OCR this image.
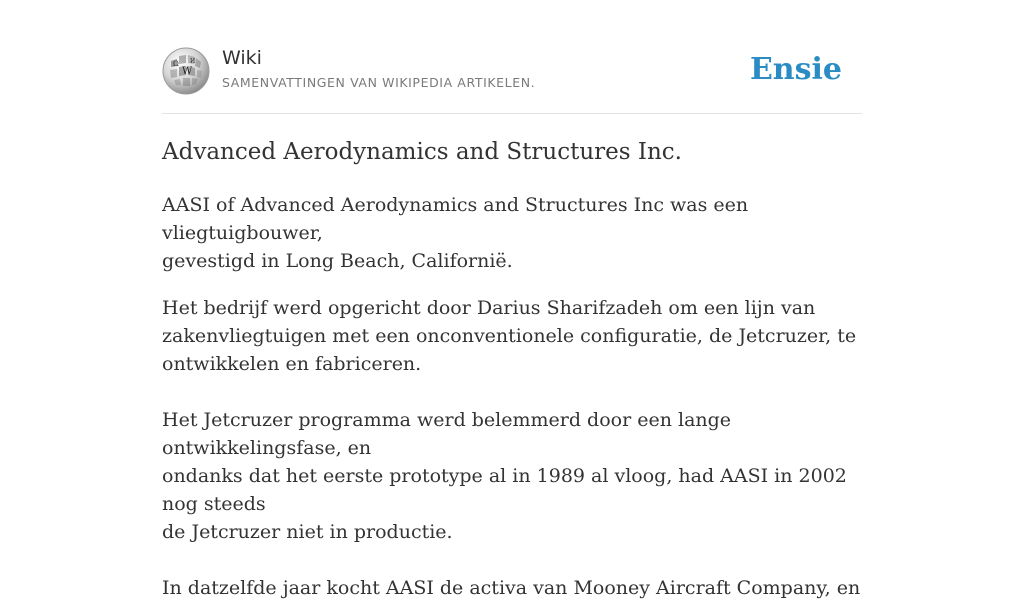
W
Ω И Wiki
SAMENVATTINGEN VAN WIKIPEDIA ARTIKELEN.	Ensie
Advanced Aerodynamics and Structures Inc.

AASI of Advanced Aerodynamics and Structures Inc was een vliegtuigbouwer,
gevestigd in Long Beach, Californië.

Het bedrijf werd opgericht door Darius Sharifzadeh om een lijn van
zakenvliegtuigen met een onconventionele configuratie, de Jetcruzer, te
ontwikkelen en fabriceren.

Het Jetcruzer programma werd belemmerd door een lange ontwikkelingsfase, en
ondanks dat het eerste prototype al in 1989 al vloog, had AASI in 2002 nog steeds
de Jetcruzer niet in productie.

In datzelfde jaar kocht AASI de activa van Mooney Aircraft Company, en
